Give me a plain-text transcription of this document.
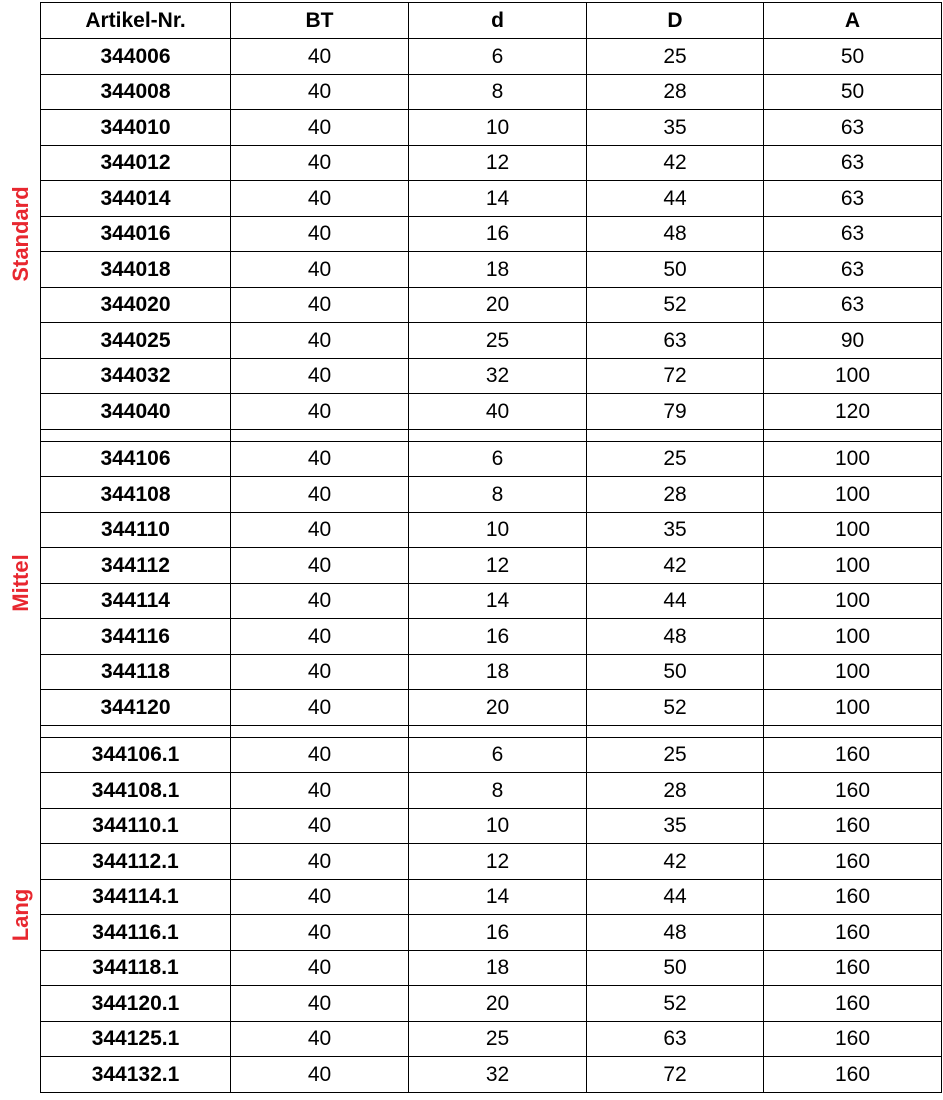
Artikel-Nr.	BT	d	D	A
344006	40	6	25	50
344008	40	8	28	50
344010	40	10	35	63
344012	40	12	42	63
344014	40	14	44	63
344016	40	16	48	63
344018	40	18	50	63
344020	40	20	52	63
344025	40	25	63	90
344032	40	32	72	100
344040	40	40	79	120

344106	40	6	25	100
344108	40	8	28	100
344110	40	10	35	100
344112	40	12	42	100
344114	40	14	44	100
344116	40	16	48	100
344118	40	18	50	100
344120	40	20	52	100

344106.1	40	6	25	160
344108.1	40	8	28	160
344110.1	40	10	35	160
344112.1	40	12	42	160
344114.1	40	14	44	160
344116.1	40	16	48	160
344118.1	40	18	50	160
344120.1	40	20	52	160
344125.1	40	25	63	160
344132.1	40	32	72	160
Standard
Mittel
Lang
